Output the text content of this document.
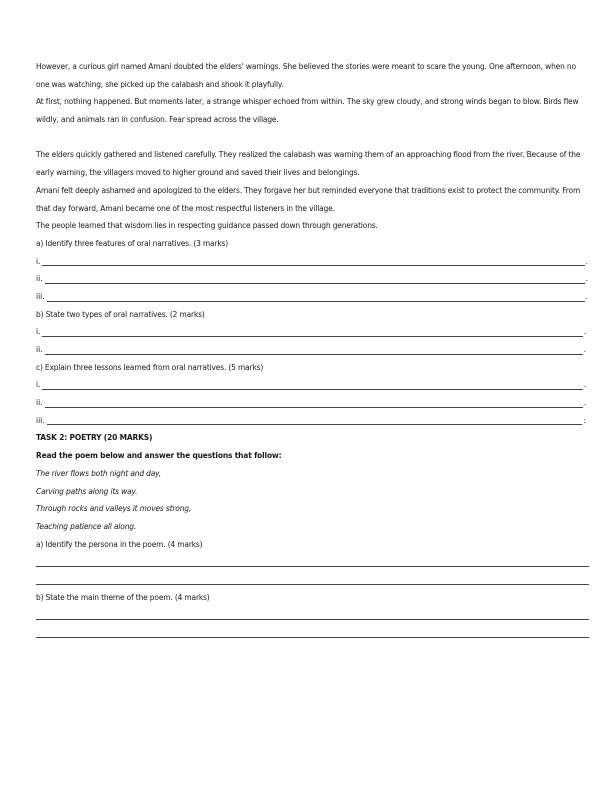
However, a curious girl named Amani doubted the elders' warnings. She believed the stories were meant to scare the young. One afternoon, when no
one was watching, she picked up the calabash and shook it playfully.
At first, nothing happened. But moments later, a strange whisper echoed from within. The sky grew cloudy, and strong winds began to blow. Birds flew
wildly, and animals ran in confusion. Fear spread across the village.
The elders quickly gathered and listened carefully. They realized the calabash was warning them of an approaching flood from the river. Because of the
early warning, the villagers moved to higher ground and saved their lives and belongings.
Amani felt deeply ashamed and apologized to the elders. They forgave her but reminded everyone that traditions exist to protect the community. From
that day forward, Amani became one of the most respectful listeners in the village.
The people learned that wisdom lies in respecting guidance passed down through generations.
a) Identify three features of oral narratives. (3 marks)
i.	.
ii.	.
iii.	.
b) State two types of oral narratives. (2 marks)
i.	.
ii.	.
c) Explain three lessons learned from oral narratives. (5 marks)
i.	.
ii.	.
iii.	:
TASK 2: POETRY (20 MARKS)
Read the poem below and answer the questions that follow:
The river flows both night and day,
Carving paths along its way.
Through rocks and valleys it moves strong,
Teaching patience all along.
a) Identify the persona in the poem. (4 marks)
b) State the main theme of the poem. (4 marks)
